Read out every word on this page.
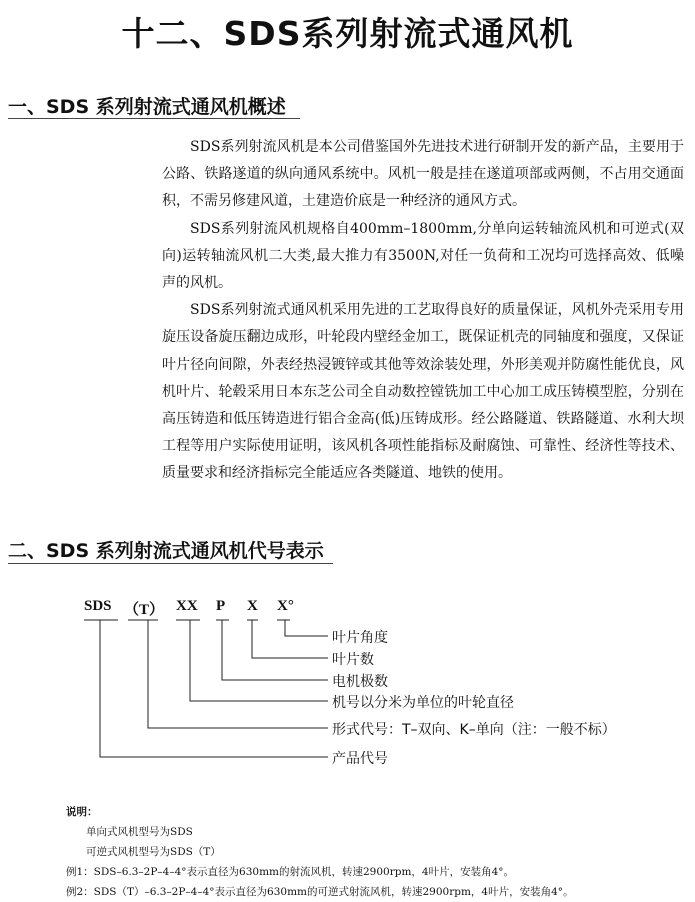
十二、SDS系列射流式通风机
一、SDS 系列射流式通风机概述

SDS系列射流风机是本公司借鉴国外先进技术进行研制开发的新产品，主要用于公路、铁路遂道的纵向通风系统中。风机一般是挂在遂道项部或两侧，不占用交通面积，不需另修建风道，土建造价底是一种经济的通风方式。

SDS系列射流风机规格自400mm–1800mm,分单向运转轴流风机和可逆式(双向)运转轴流风机二大类,最大推力有3500N,对任一负荷和工况均可选择高效、低噪声的风机。

SDS系列射流式通风机采用先进的工艺取得良好的质量保证，风机外壳采用专用旋压设备旋压翻边成形，叶轮段内壁经金加工，既保证机壳的同轴度和强度，又保证叶片径向间隙，外表经热浸镀锌或其他等效涂装处理，外形美观并防腐性能优良，风机叶片、轮毂采用日本东芝公司全自动数控镗铣加工中心加工成压铸模型腔，分别在高压铸造和低压铸造进行铝合金高(低)压铸成形。经公路隧道、铁路隧道、水利大坝工程等用户实际使用证明，该风机各项性能指标及耐腐蚀、可靠性、经济性等技术、质量要求和经济指标完全能适应各类隧道、地铁的使用。

二、SDS 系列射流式通风机代号表示
SDS （T） XX P X X°
叶片角度
叶片数
电机极数
机号以分米为单位的叶轮直径
形式代号：T–双向、K–单向（注：一般不标）
产品代号
说明：
单向式风机型号为SDS
可逆式风机型号为SDS（T）
例1：SDS–6.3–2P–4–4°表示直径为630mm的射流风机，转速2900rpm，4叶片，安装角4°。
例2：SDS（T）–6.3–2P–4–4°表示直径为630mm的可逆式射流风机，转速2900rpm，4叶片，安装角4°。
